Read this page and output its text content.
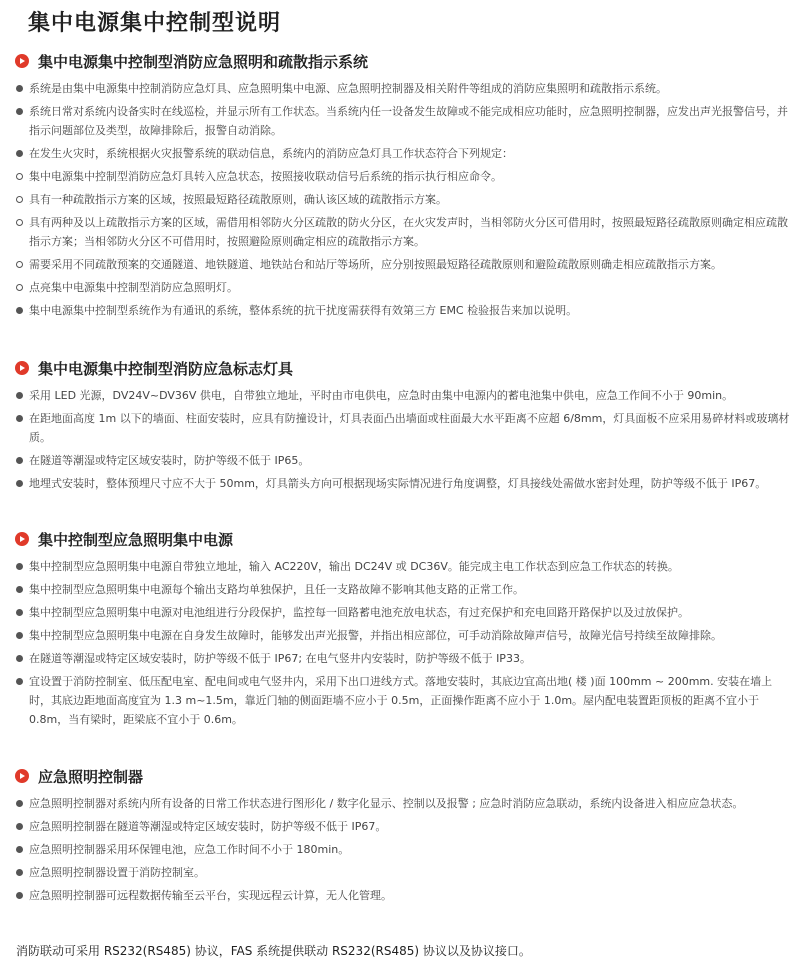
集中电源集中控制型说明
集中电源集中控制型消防应急照明和疏散指示系统
系统是由集中电源集中控制消防应急灯具、应急照明集中电源、应急照明控制器及相关附件等组成的消防应集照明和疏散指示系统。
系统日常对系统内设备实时在线巡检，并显示所有工作状态。当系统内任一设备发生故障或不能完成相应功能时，应急照明控制器，应发出声光报警信号，并指示问题部位及类型，故障排除后，报警自动消除。
在发生火灾时，系统根据火灾报警系统的联动信息，系统内的消防应急灯具工作状态符合下列规定：
集中电源集中控制型消防应急灯具转入应急状态，按照接收联动信号后系统的指示执行相应命令。
具有一种疏散指示方案的区域，按照最短路径疏散原则，确认该区域的疏散指示方案。
具有两种及以上疏散指示方案的区域，需借用相邻防火分区疏散的防火分区，在火灾发声时，当相邻防火分区可借用时，按照最短路径疏散原则确定相应疏散指示方案；当相邻防火分区不可借用时，按照避险原则确定相应的疏散指示方案。
需要采用不同疏散预案的交通隧道、地铁隧道、地铁站台和站厅等场所，应分别按照最短路径疏散原则和避险疏散原则确走相应疏散指示方案。
点亮集中电源集中控制型消防应急照明灯。
集中电源集中控制型系统作为有通讯的系统，整体系统的抗干扰度需获得有效第三方 EMC 检验报告来加以说明。
集中电源集中控制型消防应急标志灯具
采用 LED 光源，DV24V~DV36V 供电，自带独立地址，平时由市电供电，应急时由集中电源内的蓄电池集中供电，应急工作间不小于 90min。
在距地面高度 1m 以下的墙面、柱面安装时，应具有防撞设计，灯具表面凸出墙面或柱面最大水平距离不应超 6/8mm，灯具面板不应采用易碎材料或玻璃材质。
在隧道等潮湿或特定区域安装时，防护等级不低于 IP65。
地埋式安装时，整体预埋尺寸应不大于 50mm，灯具箭头方向可根据现场实际情况进行角度调整，灯具接线处需做水密封处理，防护等级不低于 IP67。
集中控制型应急照明集中电源
集中控制型应急照明集中电源自带独立地址，输入 AC220V，输出 DC24V 或 DC36V。能完成主电工作状态到应急工作状态的转换。
集中控制型应急照明集中电源每个输出支路均单独保护，且任一支路故障不影响其他支路的正常工作。
集中控制型应急照明集中电源对电池组进行分段保护，监控每一回路蓄电池充放电状态，有过充保护和充电回路开路保护以及过放保护。
集中控制型应急照明集中电源在自身发生故障时，能够发出声光报警，并指出相应部位，可手动消除故障声信号，故障光信号持续至故障排除。
在隧道等潮湿或特定区域安装时，防护等级不低于 IP67; 在电气竖井内安装时，防护等级不低于 IP33。
宜设置于消防控制室、低压配电室、配电间或电气竖井内，采用下出口进线方式。落地安装时，其底边宜高出地( 楼 )面 100mm ~ 200mm. 安装在墙上时，其底边距地面高度宜为 1.3 m~1.5m，靠近门轴的侧面距墙不应小于 0.5m，正面操作距离不应小于 1.0m。屋内配电装置距顶板的距离不宜小于 0.8m，当有梁时，距梁底不宜小于 0.6m。
应急照明控制器
应急照明控制器对系统内所有设备的日常工作状态进行图形化 / 数字化显示、控制以及报警 ; 应急时消防应急联动，系统内设备进入相应应急状态。
应急照明控制器在隧道等潮湿或特定区域安装时，防护等级不低于 IP67。
应急照明控制器采用环保锂电池，应急工作时间不小于 180min。
应急照明控制器设置于消防控制室。
应急照明控制器可远程数据传输至云平台，实现远程云计算，无人化管理。

消防联动可采用 RS232(RS485) 协议，FAS 系统提供联动 RS232(RS485) 协议以及协议接口。
